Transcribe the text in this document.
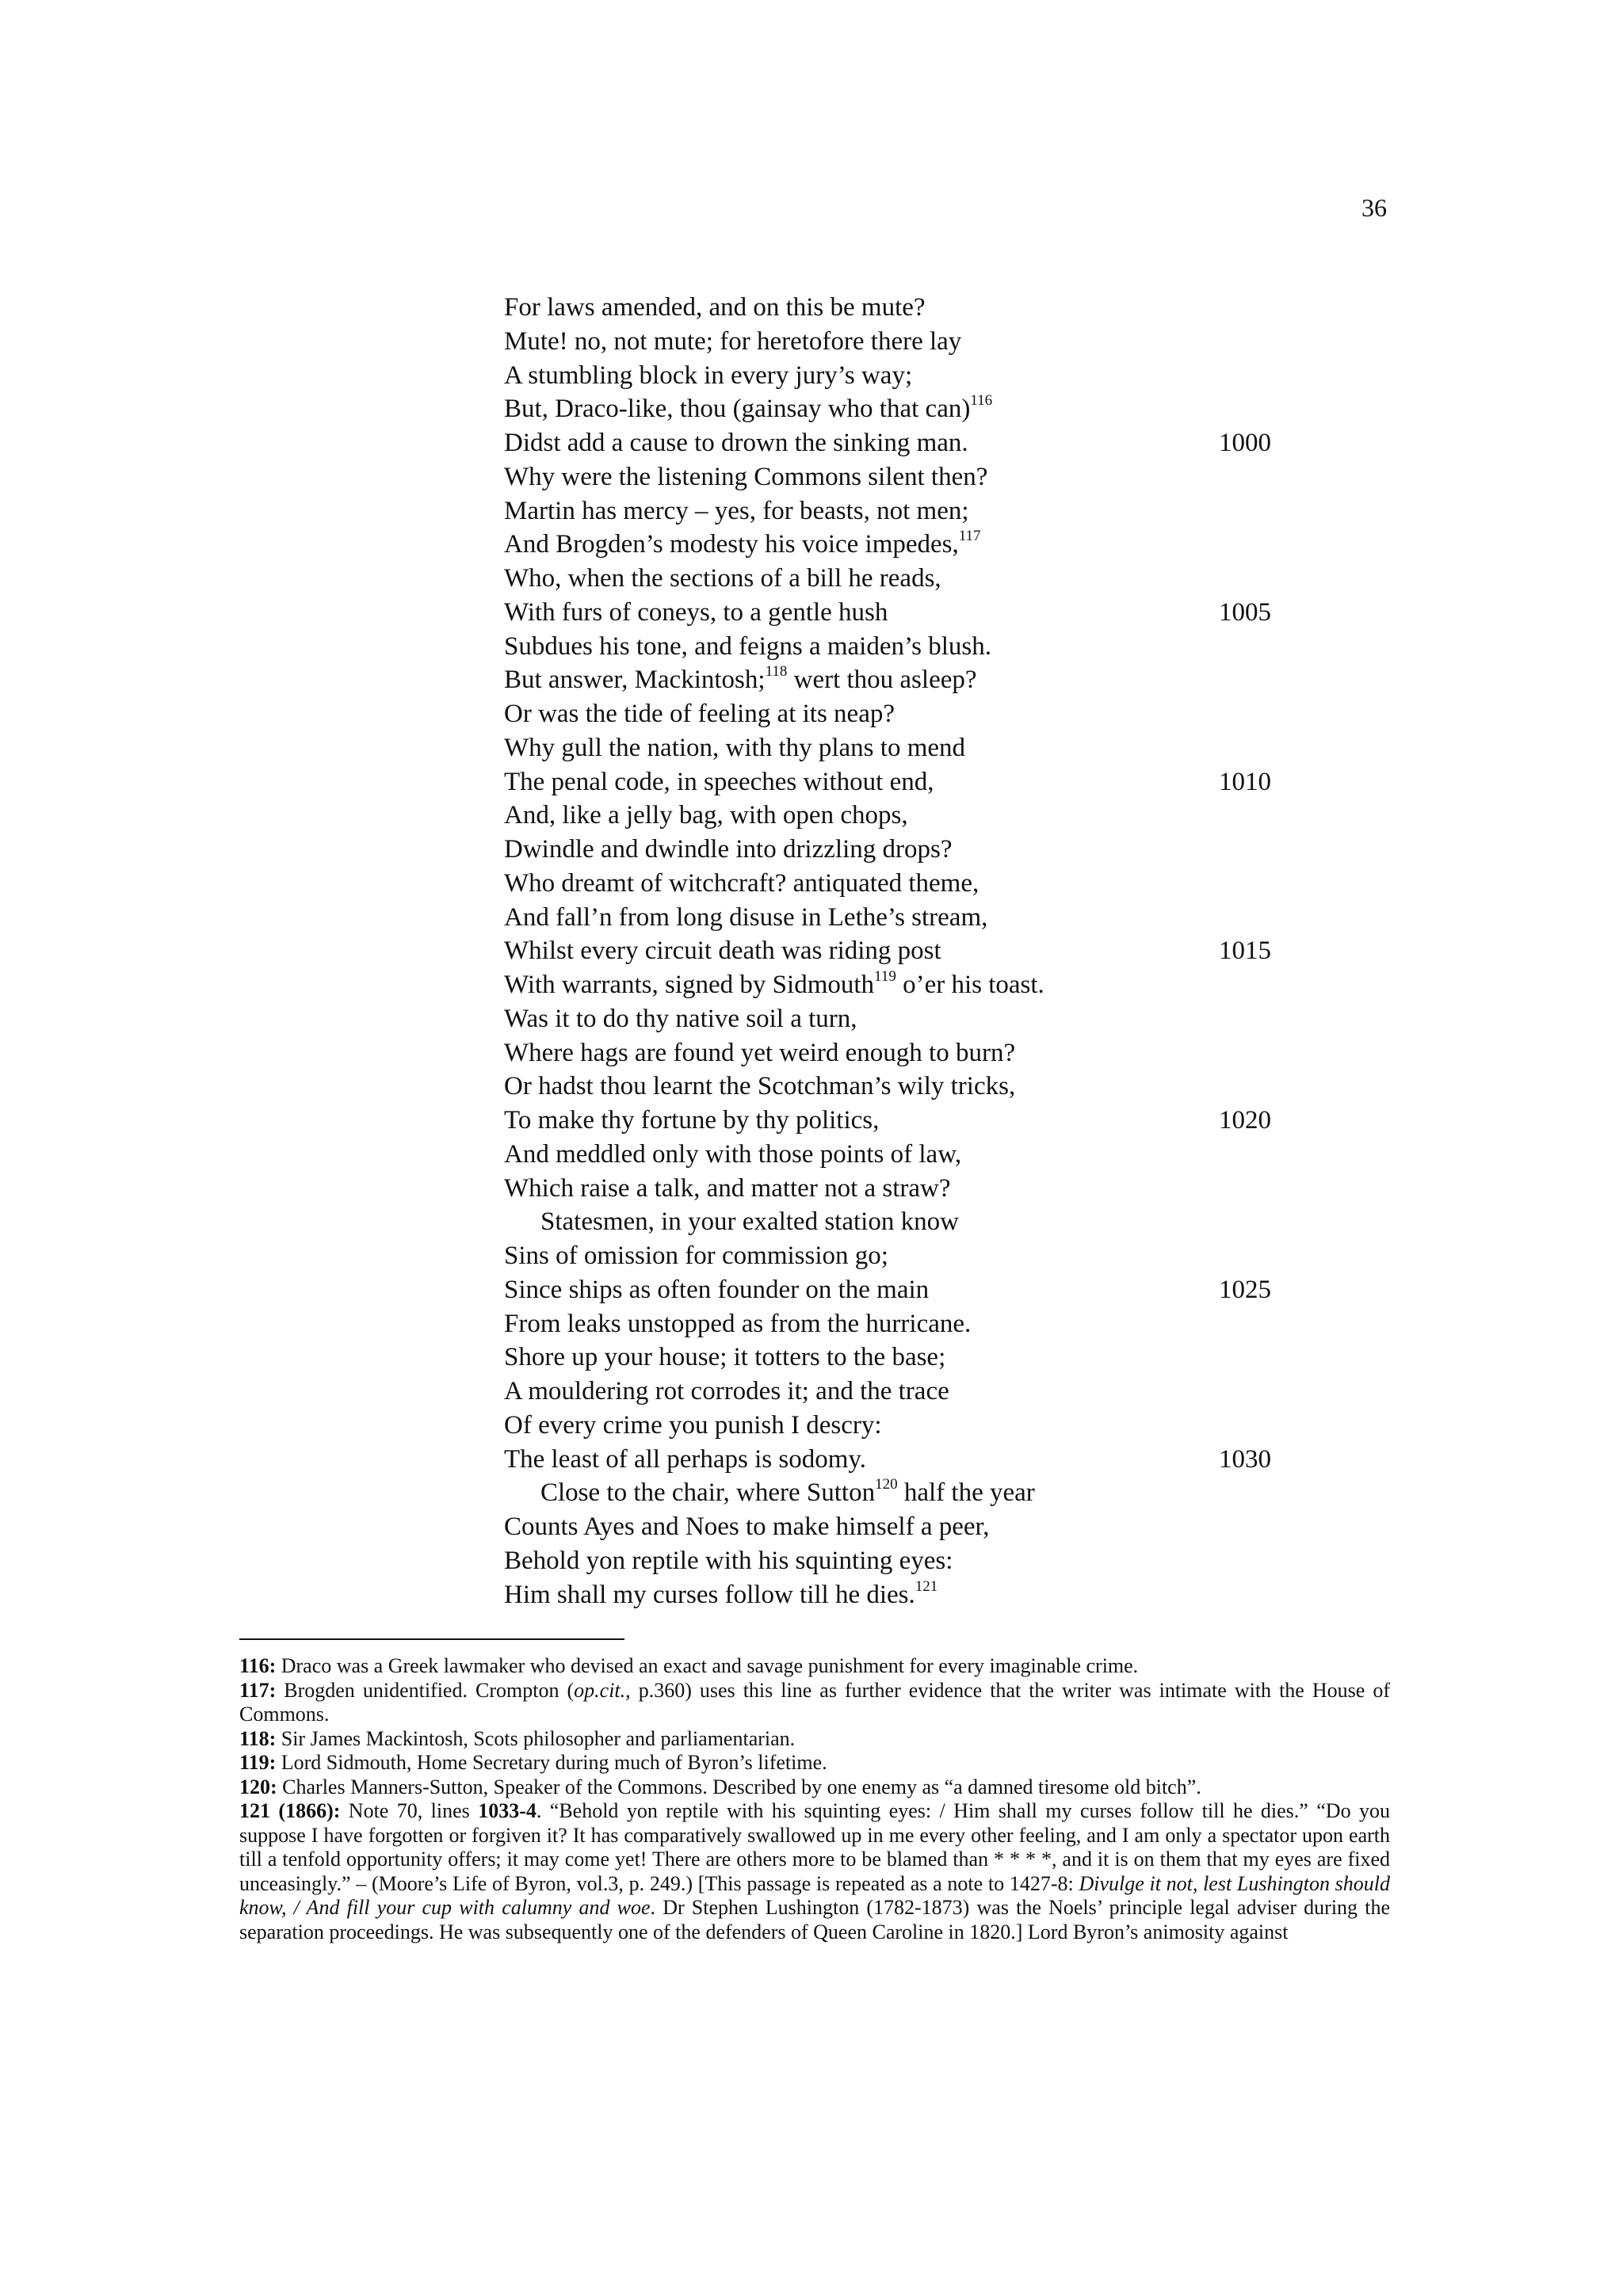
36
For laws amended, and on this be mute?
Mute! no, not mute; for heretofore there lay
A stumbling block in every jury’s way;
But, Draco-like, thou (gainsay who that can)$^{116}$
Didst add a cause to drown the sinking man.	1000
Why were the listening Commons silent then?
Martin has mercy – yes, for beasts, not men;
And Brogden’s modesty his voice impedes,$^{117}$
Who, when the sections of a bill he reads,
With furs of coneys, to a gentle hush	1005
Subdues his tone, and feigns a maiden’s blush.
But answer, Mackintosh;$^{118}$ wert thou asleep?
Or was the tide of feeling at its neap?
Why gull the nation, with thy plans to mend
The penal code, in speeches without end,	1010
And, like a jelly bag, with open chops,
Dwindle and dwindle into drizzling drops?
Who dreamt of witchcraft? antiquated theme,
And fall’n from long disuse in Lethe’s stream,
Whilst every circuit death was riding post	1015
With warrants, signed by Sidmouth$^{119}$ o’er his toast.
Was it to do thy native soil a turn,
Where hags are found yet weird enough to burn?
Or hadst thou learnt the Scotchman’s wily tricks,
To make thy fortune by thy politics,	1020
And meddled only with those points of law,
Which raise a talk, and matter not a straw?
Statesmen, in your exalted station know
Sins of omission for commission go;
Since ships as often founder on the main	1025
From leaks unstopped as from the hurricane.
Shore up your house; it totters to the base;
A mouldering rot corrodes it; and the trace
Of every crime you punish I descry:
The least of all perhaps is sodomy.	1030
Close to the chair, where Sutton$^{120}$ half the year
Counts Ayes and Noes to make himself a peer,
Behold yon reptile with his squinting eyes:
Him shall my curses follow till he dies.$^{121}$

116: Draco was a Greek lawmaker who devised an exact and savage punishment for every imaginable crime.

117: Brogden unidentified. Crompton (op.cit., p.360) uses this line as further evidence that the writer was intimate with the House of Commons.

118: Sir James Mackintosh, Scots philosopher and parliamentarian.

119: Lord Sidmouth, Home Secretary during much of Byron’s lifetime.

120: Charles Manners-Sutton, Speaker of the Commons. Described by one enemy as “a damned tiresome old bitch”.

121 (1866): Note 70, lines 1033-4. “Behold yon reptile with his squinting eyes: / Him shall my curses follow till he dies.” “Do you suppose I have forgotten or forgiven it? It has comparatively swallowed up in me every other feeling, and I am only a spectator upon earth till a tenfold opportunity offers; it may come yet! There are others more to be blamed than * * * *, and it is on them that my eyes are fixed unceasingly.” – (Moore’s Life of Byron, vol.3, p. 249.) [This passage is repeated as a note to 1427-8: Divulge it not, lest Lushington should know, / And fill your cup with calumny and woe. Dr Stephen Lushington (1782-1873) was the Noels’ principle legal adviser during the separation proceedings. He was subsequently one of the defenders of Queen Caroline in 1820.] Lord Byron’s animosity against
